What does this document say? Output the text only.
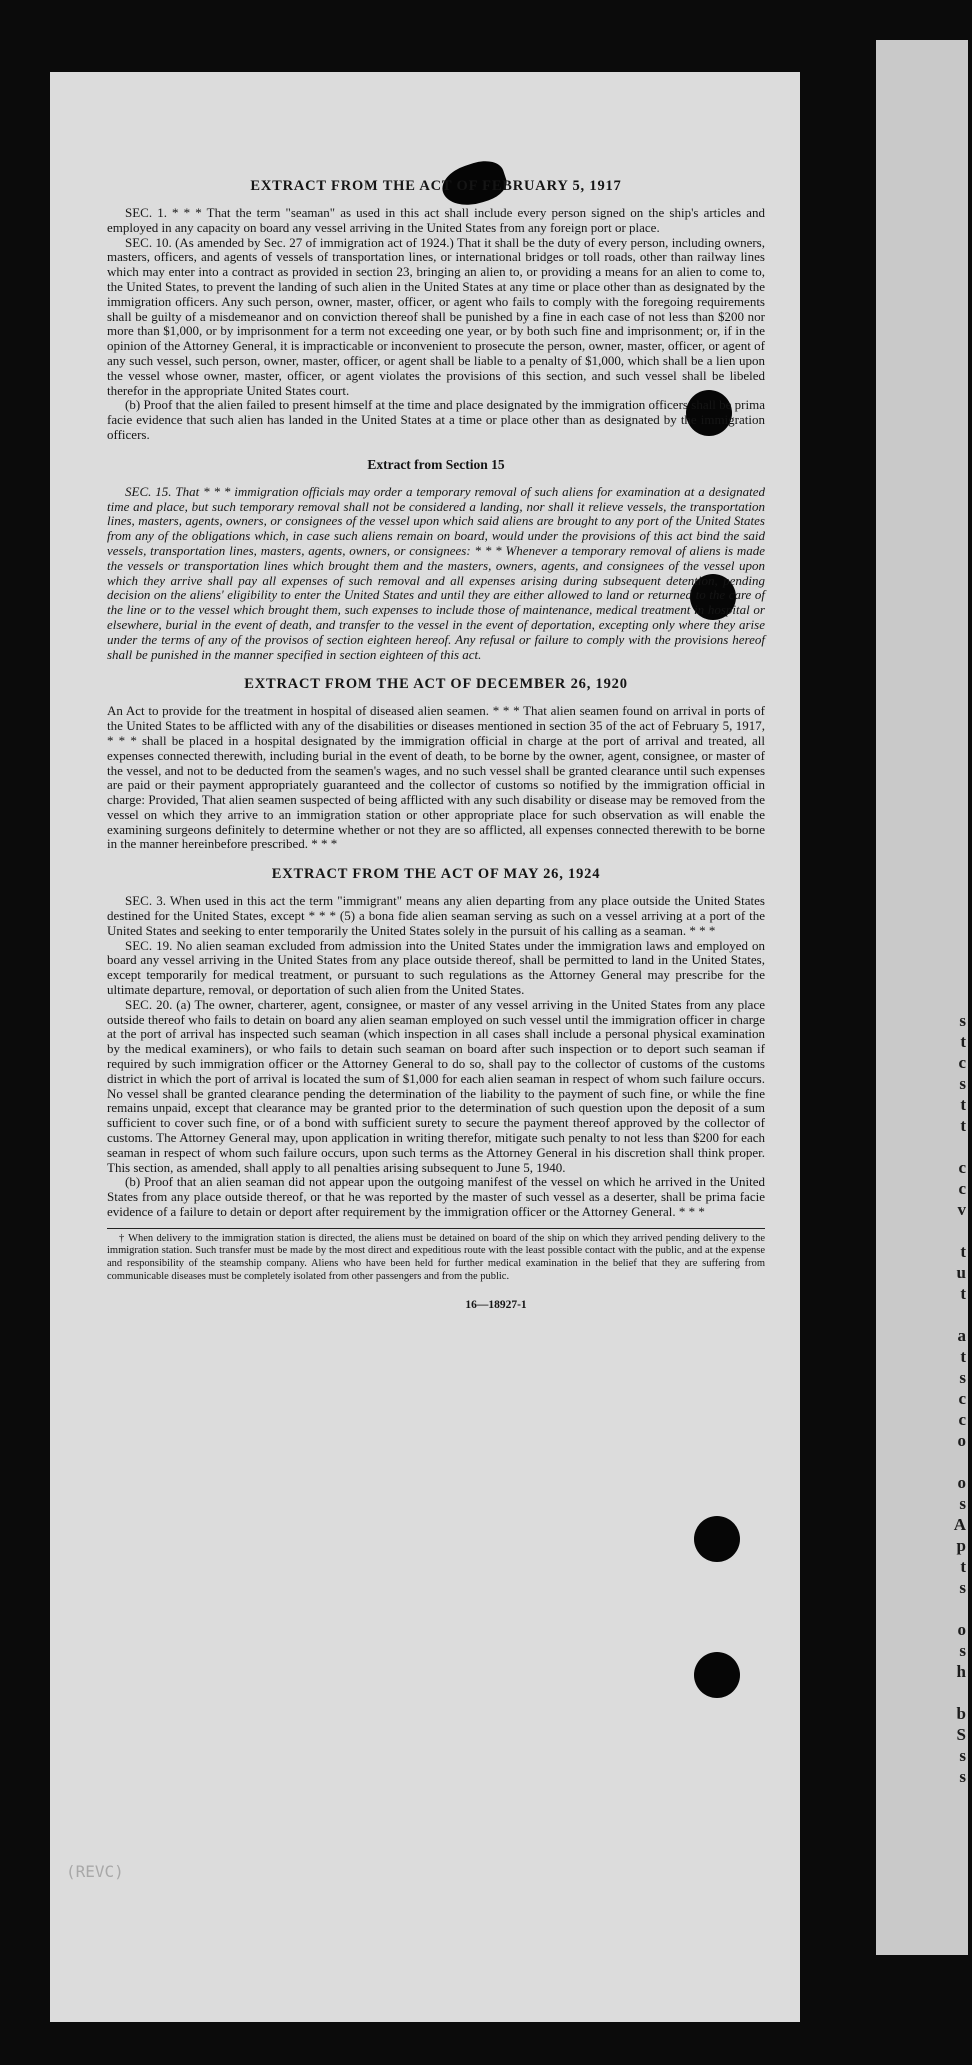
s
t
c
s
t
t

c
c
v

t
u
t

a
t
s
c
c
o

o
s
A
p
t
s

o
s
h

b
S
s
s
EXTRACT FROM THE ACT OF FEBRUARY 5, 1917

SEC. 1. * * * That the term "seaman" as used in this act shall include every person signed on the ship's articles and employed in any capacity on board any vessel arriving in the United States from any foreign port or place.

SEC. 10. (As amended by Sec. 27 of immigration act of 1924.) That it shall be the duty of every person, including owners, masters, officers, and agents of vessels of transportation lines, or international bridges or toll roads, other than railway lines which may enter into a contract as provided in section 23, bringing an alien to, or providing a means for an alien to come to, the United States, to prevent the landing of such alien in the United States at any time or place other than as designated by the immigration officers. Any such person, owner, master, officer, or agent who fails to comply with the foregoing requirements shall be guilty of a misdemeanor and on conviction thereof shall be punished by a fine in each case of not less than $200 nor more than $1,000, or by imprisonment for a term not exceeding one year, or by both such fine and imprisonment; or, if in the opinion of the Attorney General, it is impracticable or inconvenient to prosecute the person, owner, master, officer, or agent of any such vessel, such person, owner, master, officer, or agent shall be liable to a penalty of $1,000, which shall be a lien upon the vessel whose owner, master, officer, or agent violates the provisions of this section, and such vessel shall be libeled therefor in the appropriate United States court.

(b) Proof that the alien failed to present himself at the time and place designated by the immigration officers shall be prima facie evidence that such alien has landed in the United States at a time or place other than as designated by the immigration officers.

Extract from Section 15

SEC. 15. That * * * immigration officials may order a temporary removal of such aliens for examination at a designated time and place, but such temporary removal shall not be considered a landing, nor shall it relieve vessels, the transportation lines, masters, agents, owners, or consignees of the vessel upon which said aliens are brought to any port of the United States from any of the obligations which, in case such aliens remain on board, would under the provisions of this act bind the said vessels, transportation lines, masters, agents, owners, or consignees: * * * Whenever a temporary removal of aliens is made the vessels or transportation lines which brought them and the masters, owners, agents, and consignees of the vessel upon which they arrive shall pay all expenses of such removal and all expenses arising during subsequent detention, pending decision on the aliens' eligibility to enter the United States and until they are either allowed to land or returned to the care of the line or to the vessel which brought them, such expenses to include those of maintenance, medical treatment in hospital or elsewhere, burial in the event of death, and transfer to the vessel in the event of deportation, excepting only where they arise under the terms of any of the provisos of section eighteen hereof. Any refusal or failure to comply with the provisions hereof shall be punished in the manner specified in section eighteen of this act.

EXTRACT FROM THE ACT OF DECEMBER 26, 1920

An Act to provide for the treatment in hospital of diseased alien seamen. * * * That alien seamen found on arrival in ports of the United States to be afflicted with any of the disabilities or diseases mentioned in section 35 of the act of February 5, 1917, * * * shall be placed in a hospital designated by the immigration official in charge at the port of arrival and treated, all expenses connected therewith, including burial in the event of death, to be borne by the owner, agent, consignee, or master of the vessel, and not to be deducted from the seamen's wages, and no such vessel shall be granted clearance until such expenses are paid or their payment appropriately guaranteed and the collector of customs so notified by the immigration official in charge: Provided, That alien seamen suspected of being afflicted with any such disability or disease may be removed from the vessel on which they arrive to an immigration station or other appropriate place for such observation as will enable the examining surgeons definitely to determine whether or not they are so afflicted, all expenses connected therewith to be borne in the manner hereinbefore prescribed. * * *

EXTRACT FROM THE ACT OF MAY 26, 1924

SEC. 3. When used in this act the term "immigrant" means any alien departing from any place outside the United States destined for the United States, except * * * (5) a bona fide alien seaman serving as such on a vessel arriving at a port of the United States and seeking to enter temporarily the United States solely in the pursuit of his calling as a seaman. * * *

SEC. 19. No alien seaman excluded from admission into the United States under the immigration laws and employed on board any vessel arriving in the United States from any place outside thereof, shall be permitted to land in the United States, except temporarily for medical treatment, or pursuant to such regulations as the Attorney General may prescribe for the ultimate departure, removal, or deportation of such alien from the United States.

SEC. 20. (a) The owner, charterer, agent, consignee, or master of any vessel arriving in the United States from any place outside thereof who fails to detain on board any alien seaman employed on such vessel until the immigration officer in charge at the port of arrival has inspected such seaman (which inspection in all cases shall include a personal physical examination by the medical examiners), or who fails to detain such seaman on board after such inspection or to deport such seaman if required by such immigration officer or the Attorney General to do so, shall pay to the collector of customs of the customs district in which the port of arrival is located the sum of $1,000 for each alien seaman in respect of whom such failure occurs. No vessel shall be granted clearance pending the determination of the liability to the payment of such fine, or while the fine remains unpaid, except that clearance may be granted prior to the determination of such question upon the deposit of a sum sufficient to cover such fine, or of a bond with sufficient surety to secure the payment thereof approved by the collector of customs. The Attorney General may, upon application in writing therefor, mitigate such penalty to not less than $200 for each seaman in respect of whom such failure occurs, upon such terms as the Attorney General in his discretion shall think proper. This section, as amended, shall apply to all penalties arising subsequent to June 5, 1940.

(b) Proof that an alien seaman did not appear upon the outgoing manifest of the vessel on which he arrived in the United States from any place outside thereof, or that he was reported by the master of such vessel as a deserter, shall be prima facie evidence of a failure to detain or deport after requirement by the immigration officer or the Attorney General. * * *

† When delivery to the immigration station is directed, the aliens must be detained on board of the ship on which they arrived pending delivery to the immigration station. Such transfer must be made by the most direct and expeditious route with the least possible contact with the public, and at the expense and responsibility of the steamship company. Aliens who have been held for further medical examination in the belief that they are suffering from communicable diseases must be completely isolated from other passengers and from the public.

16—18927-1
(REVC)
